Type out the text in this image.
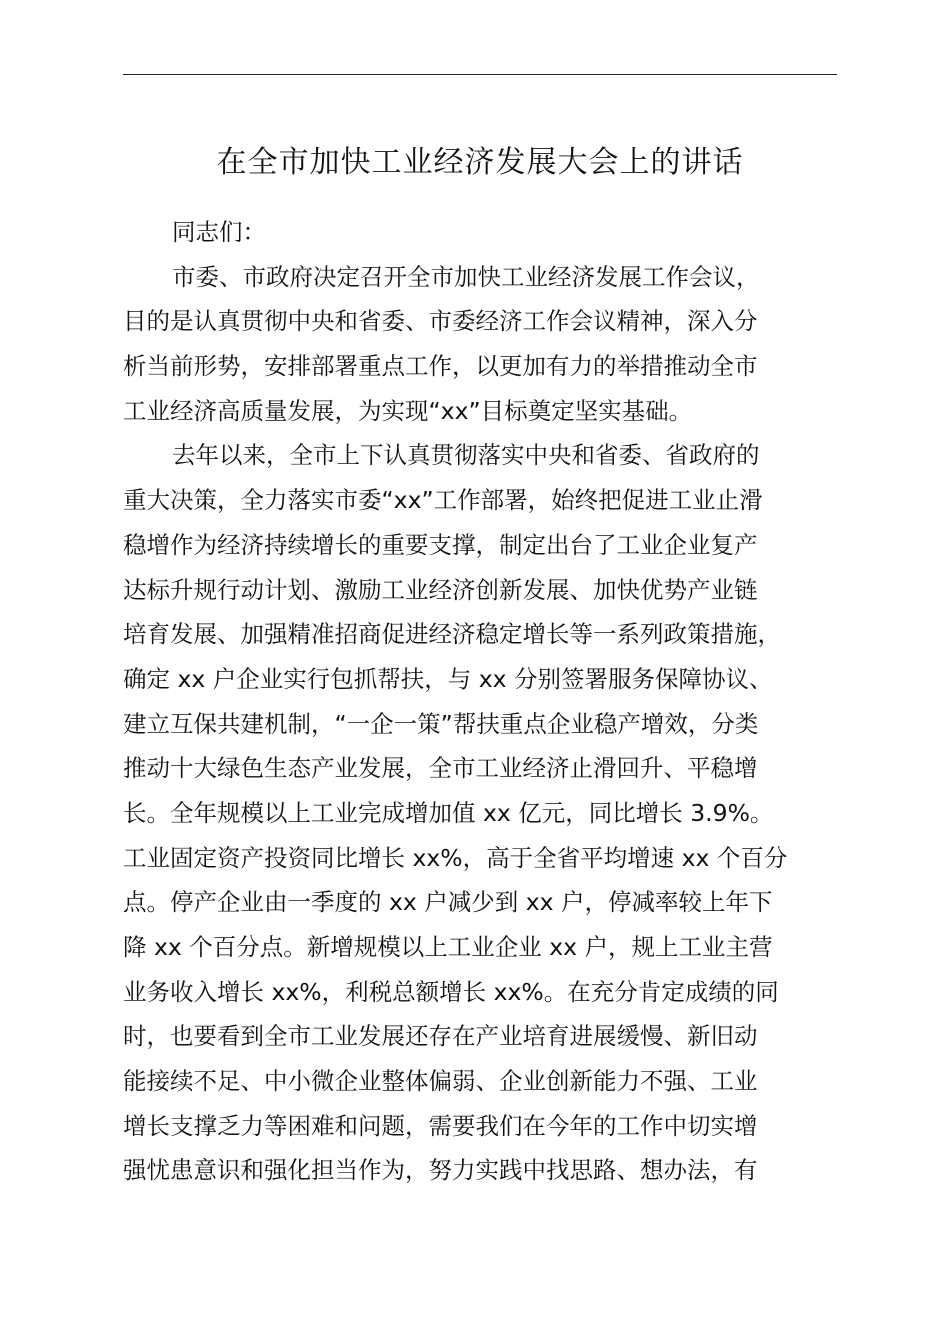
在全市加快工业经济发展大会上的讲话
同志们：
市委、市政府决定召开全市加快工业经济发展工作会议，
目的是认真贯彻中央和省委、市委经济工作会议精神，深入分
析当前形势，安排部署重点工作，以更加有力的举措推动全市
工业经济高质量发展，为实现“xx”目标奠定坚实基础。
去年以来，全市上下认真贯彻落实中央和省委、省政府的
重大决策，全力落实市委“xx”工作部署，始终把促进工业止滑
稳增作为经济持续增长的重要支撑，制定出台了工业企业复产
达标升规行动计划、激励工业经济创新发展、加快优势产业链
培育发展、加强精准招商促进经济稳定增长等一系列政策措施，
确定 xx 户企业实行包抓帮扶，与 xx 分别签署服务保障协议、
建立互保共建机制，“一企一策”帮扶重点企业稳产增效，分类
推动十大绿色生态产业发展，全市工业经济止滑回升、平稳增
长。全年规模以上工业完成增加值 xx 亿元，同比增长 3.9%。
工业固定资产投资同比增长 xx%，高于全省平均增速 xx 个百分
点。停产企业由一季度的 xx 户减少到 xx 户，停减率较上年下
降 xx 个百分点。新增规模以上工业企业 xx 户，规上工业主营
业务收入增长 xx%，利税总额增长 xx%。在充分肯定成绩的同
时，也要看到全市工业发展还存在产业培育进展缓慢、新旧动
能接续不足、中小微企业整体偏弱、企业创新能力不强、工业
增长支撑乏力等困难和问题，需要我们在今年的工作中切实增
强忧患意识和强化担当作为，努力实践中找思路、想办法，有
